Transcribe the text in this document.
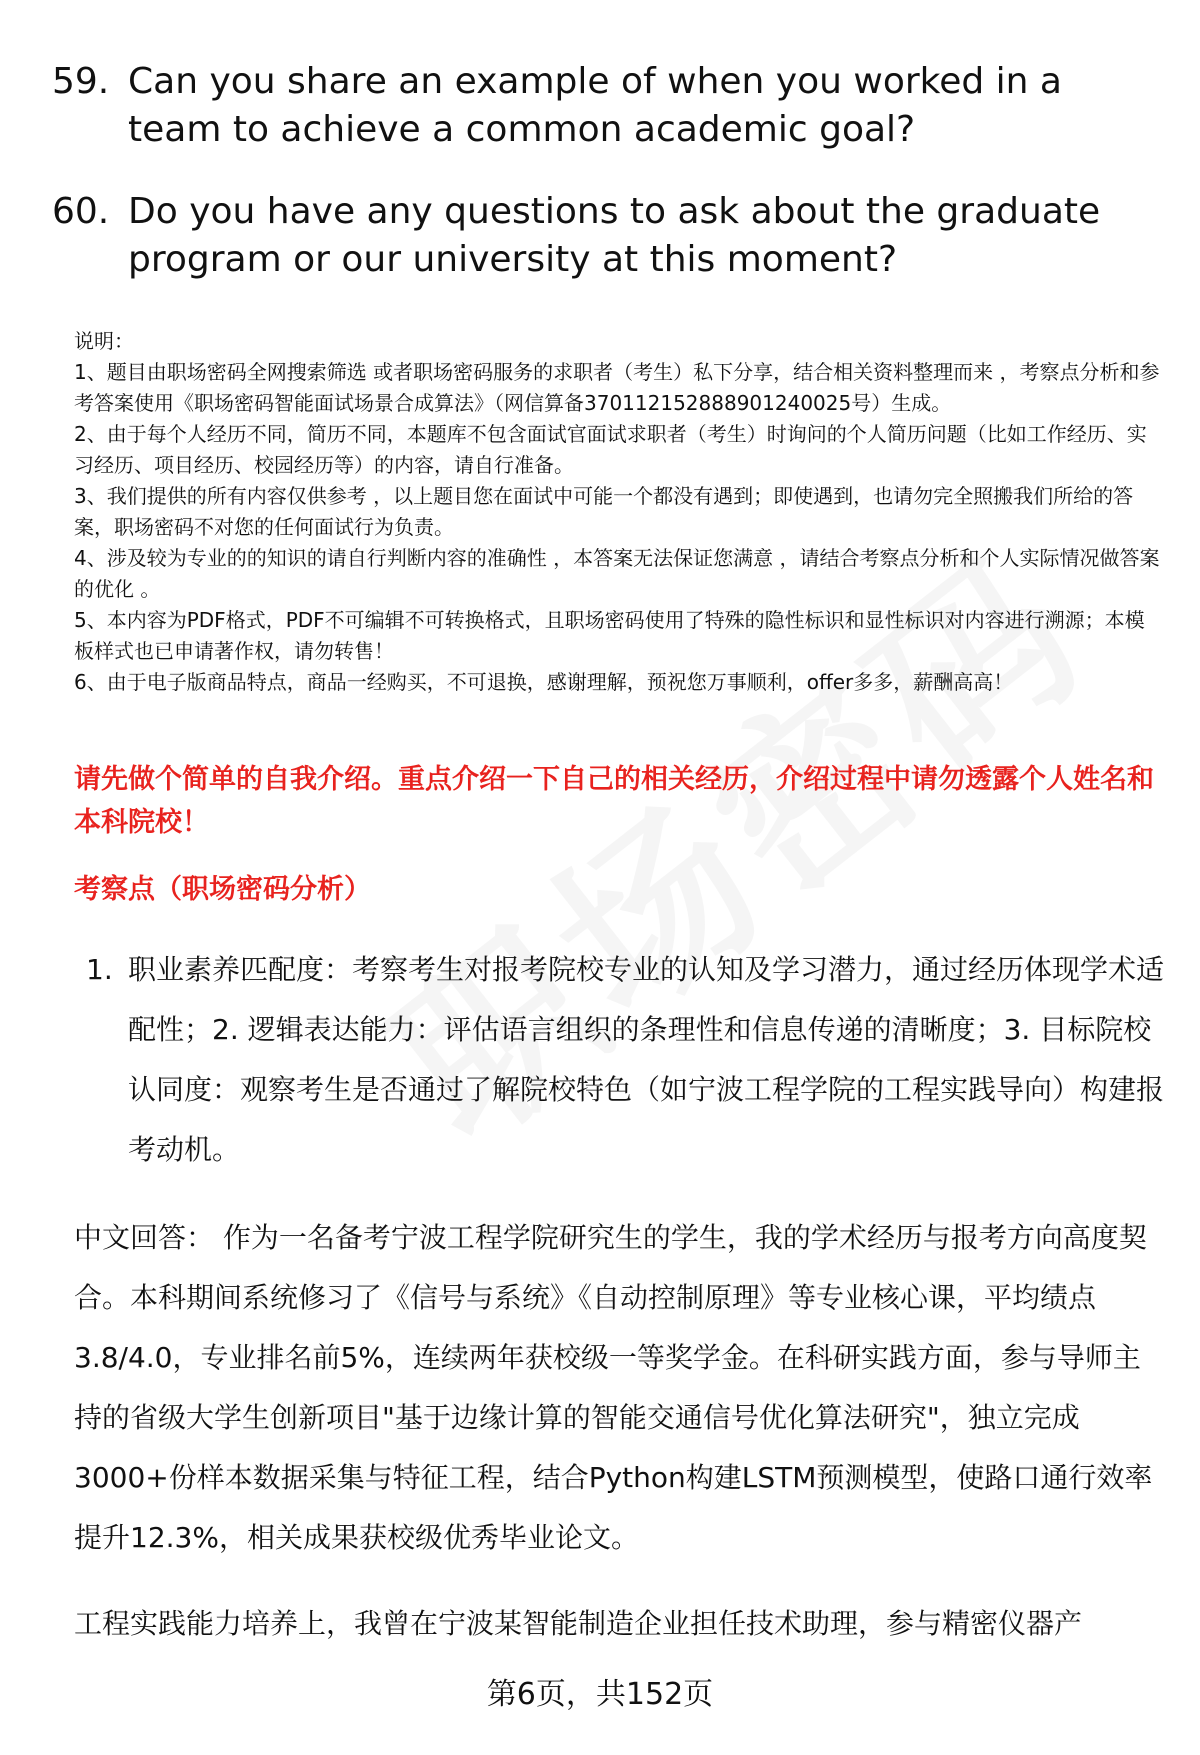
59. Can you share an example of when you worked in a team to achieve a common academic goal?
60. Do you have any questions to ask about the graduate program or our university at this moment?

说明：

1、题目由职场密码全网搜索筛选 或者职场密码服务的求职者（考生）私下分享，结合相关资料整理而来 ，考察点分析和参考答案使用《职场密码智能面试场景合成算法》（网信算备370112152888901240025号）生成。

2、由于每个人经历不同，简历不同，本题库不包含面试官面试求职者（考生）时询问的个人简历问题（比如工作经历、实习经历、项目经历、校园经历等）的内容，请自行准备。

3、我们提供的所有内容仅供参考 ，以上题目您在面试中可能一个都没有遇到；即使遇到，也请勿完全照搬我们所给的答案，职场密码不对您的任何面试行为负责。

4、涉及较为专业的的知识的请自行判断内容的准确性 ，本答案无法保证您满意 ，请结合考察点分析和个人实际情况做答案的优化 。

5、本内容为PDF格式，PDF不可编辑不可转换格式，且职场密码使用了特殊的隐性标识和显性标识对内容进行溯源；本模板样式也已申请著作权，请勿转售！

6、由于电子版商品特点，商品一经购买，不可退换，感谢理解，预祝您万事顺利，offer多多，薪酬高高！

请先做个简单的自我介绍。重点介绍一下自己的相关经历，介绍过程中请勿透露个人姓名和本科院校！
考察点（职场密码分析）
1. 职业素养匹配度：考察考生对报考院校专业的认知及学习潜力，通过经历体现学术适配性；2. 逻辑表达能力：评估语言组织的条理性和信息传递的清晰度；3. 目标院校认同度：观察考生是否通过了解院校特色（如宁波工程学院的工程实践导向）构建报考动机。

中文回答： 作为一名备考宁波工程学院研究生的学生，我的学术经历与报考方向高度契合。本科期间系统修习了《信号与系统》《自动控制原理》等专业核心课，平均绩点3.8/4.0，专业排名前5%，连续两年获校级一等奖学金。在科研实践方面，参与导师主持的省级大学生创新项目"基于边缘计算的智能交通信号优化算法研究"，独立完成3000+份样本数据采集与特征工程，结合Python构建LSTM预测模型，使路口通行效率提升12.3%，相关成果获校级优秀毕业论文。

工程实践能力培养上，我曾在宁波某智能制造企业担任技术助理，参与精密仪器产

第6页，共152页
